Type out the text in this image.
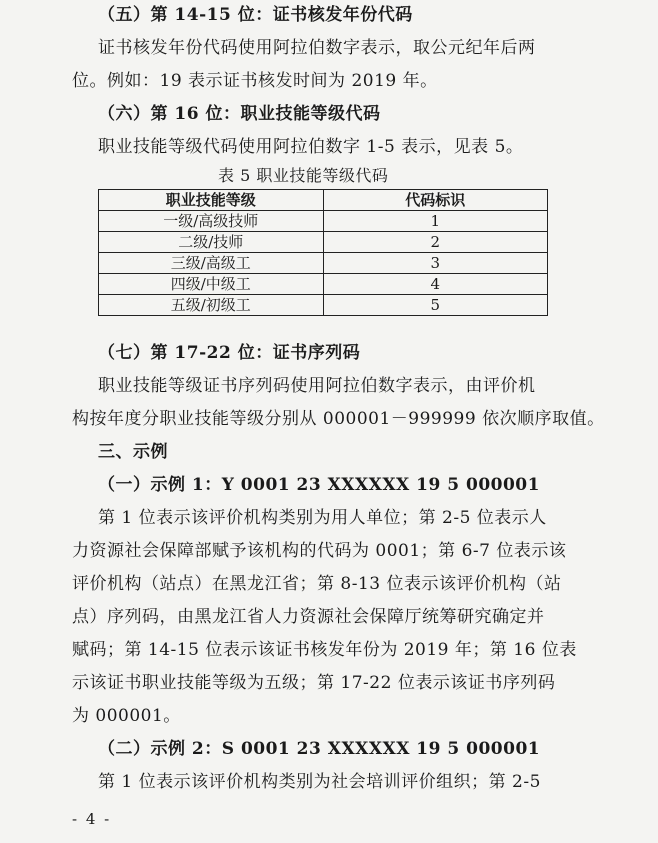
（五）第 14-15 位：证书核发年份代码
证书核发年份代码使用阿拉伯数字表示，取公元纪年后两
位。例如：19 表示证书核发时间为 2019 年。
（六）第 16 位：职业技能等级代码
职业技能等级代码使用阿拉伯数字 1-5 表示，见表 5。
表 5 职业技能等级代码
职业技能等级	代码标识
一级/高级技师	1
二级/技师	2
三级/高级工	3
四级/中级工	4
五级/初级工	5
（七）第 17-22 位：证书序列码
职业技能等级证书序列码使用阿拉伯数字表示，由评价机
构按年度分职业技能等级分别从 000001－999999 依次顺序取值。
三、示例
（一）示例 1：Y 0001 23 XXXXXX 19 5 000001
第 1 位表示该评价机构类别为用人单位；第 2-5 位表示人
力资源社会保障部赋予该机构的代码为 0001；第 6-7 位表示该
评价机构（站点）在黑龙江省；第 8-13 位表示该评价机构（站
点）序列码，由黑龙江省人力资源社会保障厅统筹研究确定并
赋码；第 14-15 位表示该证书核发年份为 2019 年；第 16 位表
示该证书职业技能等级为五级；第 17-22 位表示该证书序列码
为 000001。
（二）示例 2：S 0001 23 XXXXXX 19 5 000001
第 1 位表示该评价机构类别为社会培训评价组织；第 2-5
- 4 -
